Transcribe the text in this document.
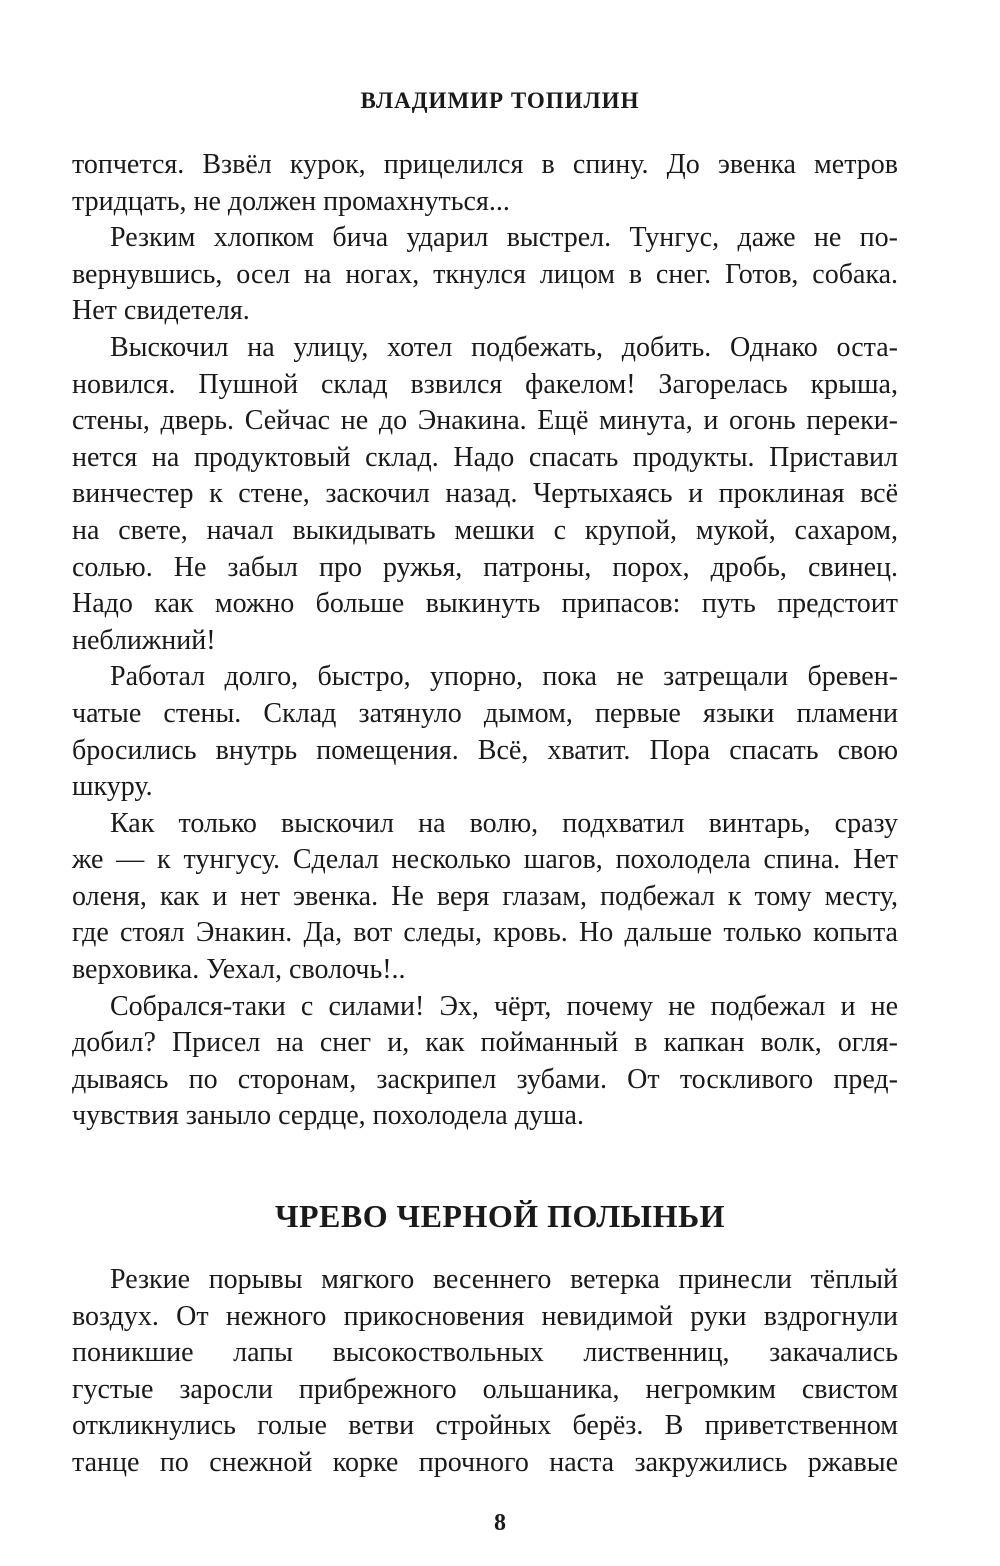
ВЛАДИМИР ТОПИЛИН
топчется. Взвёл курок, прицелился в спину. До эвенка метров
тридцать, не должен промахнуться...
Резким хлопком бича ударил выстрел. Тунгус, даже не по-
вернувшись, осел на ногах, ткнулся лицом в снег. Готов, собака.
Нет свидетеля.
Выскочил на улицу, хотел подбежать, добить. Однако оста-
новился. Пушной склад взвился факелом! Загорелась крыша,
стены, дверь. Сейчас не до Энакина. Ещё минута, и огонь переки-
нется на продуктовый склад. Надо спасать продукты. Приставил
винчестер к стене, заскочил назад. Чертыхаясь и проклиная всё
на свете, начал выкидывать мешки с крупой, мукой, сахаром,
солью. Не забыл про ружья, патроны, порох, дробь, свинец.
Надо как можно больше выкинуть припасов: путь предстоит
неближний!
Работал долго, быстро, упорно, пока не затрещали бревен-
чатые стены. Склад затянуло дымом, первые языки пламени
бросились внутрь помещения. Всё, хватит. Пора спасать свою
шкуру.
Как только выскочил на волю, подхватил винтарь, сразу
же — к тунгусу. Сделал несколько шагов, похолодела спина. Нет
оленя, как и нет эвенка. Не веря глазам, подбежал к тому месту,
где стоял Энакин. Да, вот следы, кровь. Но дальше только копыта
верховика. Уехал, сволочь!..
Собрался-таки с силами! Эх, чёрт, почему не подбежал и не
добил? Присел на снег и, как пойманный в капкан волк, огля-
дываясь по сторонам, заскрипел зубами. От тоскливого пред-
чувствия заныло сердце, похолодела душа.
ЧРЕВО ЧЕРНОЙ ПОЛЫНЬИ
Резкие порывы мягкого весеннего ветерка принесли тёплый
воздух. От нежного прикосновения невидимой руки вздрогнули
поникшие лапы высокоствольных лиственниц, закачались
густые заросли прибрежного ольшаника, негромким свистом
откликнулись голые ветви стройных берёз. В приветственном
танце по снежной корке прочного наста закружились ржавые
8
